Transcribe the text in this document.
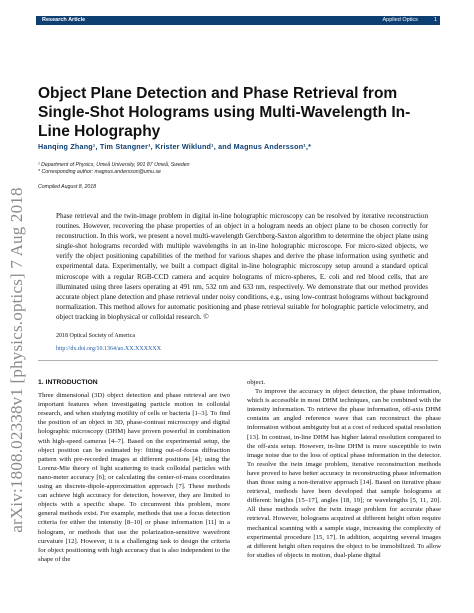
Research Article	Applied Optics	1
arXiv:1808.02338v1 [physics.optics] 7 Aug 2018
Object Plane Detection and Phase Retrieval from Single-Shot Holograms using Multi-Wavelength In-Line Holography
Hanqing Zhang¹, Tim Stangner¹, Krister Wiklund¹, and Magnus Andersson¹,*
¹ Department of Physics, Umeå University, 901 87 Umeå, Sweden
* Corresponding author: magnus.andersson@umu.se
Compiled August 8, 2018

Phase retrieval and the twin-image problem in digital in-line holographic microscopy can be resolved by iterative reconstruction routines. However, recovering the phase properties of an object in a hologram needs an object plane to be chosen correctly for reconstruction. In this work, we present a novel multi-wavelength Gerchberg-Saxton algorithm to determine the object plane using single-shot holograms recorded with multiple wavelengths in an in-line holographic microscope. For micro-sized objects, we verify the object positioning capabilities of the method for various shapes and derive the phase information using synthetic and experimental data. Experimentally, we built a compact digital in-line holographic microscopy setup around a standard optical microscope with a regular RGB-CCD camera and acquire holograms of micro-spheres, E. coli and red blood cells, that are illuminated using three lasers operating at 491 nm, 532 nm and 633 nm, respectively. We demonstrate that our method provides accurate object plane detection and phase retrieval under noisy conditions, e.g., using low-contrast holograms without background normalization. This method allows for automatic positioning and phase retrieval suitable for holographic particle velocimetry, and object tracking in biophysical or colloidal research. ©

2018 Optical Society of America
http://dx.doi.org/10.1364/ao.XX.XXXXXX
1. INTRODUCTION

Three dimensional (3D) object detection and phase retrieval are two important features when investigating particle motion in colloidal research, and when studying motility of cells or bacteria [1–3]. To find the position of an object in 3D, phase-contrast microscopy and digital holographic microscopy (DHM) have proven powerful in combination with high-speed cameras [4–7]. Based on the experimental setup, the object position can be estimated by: fitting out-of-focus diffraction pattern with pre-recorded images at different positions [4]; using the Lorenz-Mie theory of light scattering to track colloidal particles with nano-meter accuracy [6]; or calculating the center-of-mass coordinates using an discrete-dipole-approximation approach [7]. These methods can achieve high accuracy for detection, however, they are limited to objects with a specific shape. To circumvent this problem, more general methods exist. For example, methods that use a focus detection criteria for either the intensity [8–10] or phase information [11] in a hologram, or methods that use the polarization-sensitive wavefront curvature [12]. However, it is a challenging task to design the criteria for object positioning with high accuracy that is also independent to the shape of the

object.

To improve the accuracy in object detection, the phase information, which is accessible in most DHM techniques, can be combined with the intensity information. To retrieve the phase information, off-axis DHM contains an angled reference wave that can reconstruct the phase information without ambiguity but at a cost of reduced spatial resolution [13]. In contrast, in-line DHM has higher lateral resolution compared to the off-axis setup. However, in-line DHM is more susceptible to twin image noise due to the loss of optical phase information in the detector. To resolve the twin image problem, iterative reconstruction methods have proved to have better accuracy in reconstructing phase information than those using a non-iterative approach [14]. Based on iterative phase retrieval, methods have been developed that sample holograms at different: heights [15–17], angles [18, 19]; or wavelengths [5, 11, 20]. All these methods solve the twin image problem for accurate phase retrieval. However, holograms acquired at different height often require mechanical scanning with a sample stage, increasing the complexity of experimental procedure [15, 17]. In addition, acquiring several images at different height often requires the object to be immobilized. To allow for studies of objects in motion, dual-plane digital
